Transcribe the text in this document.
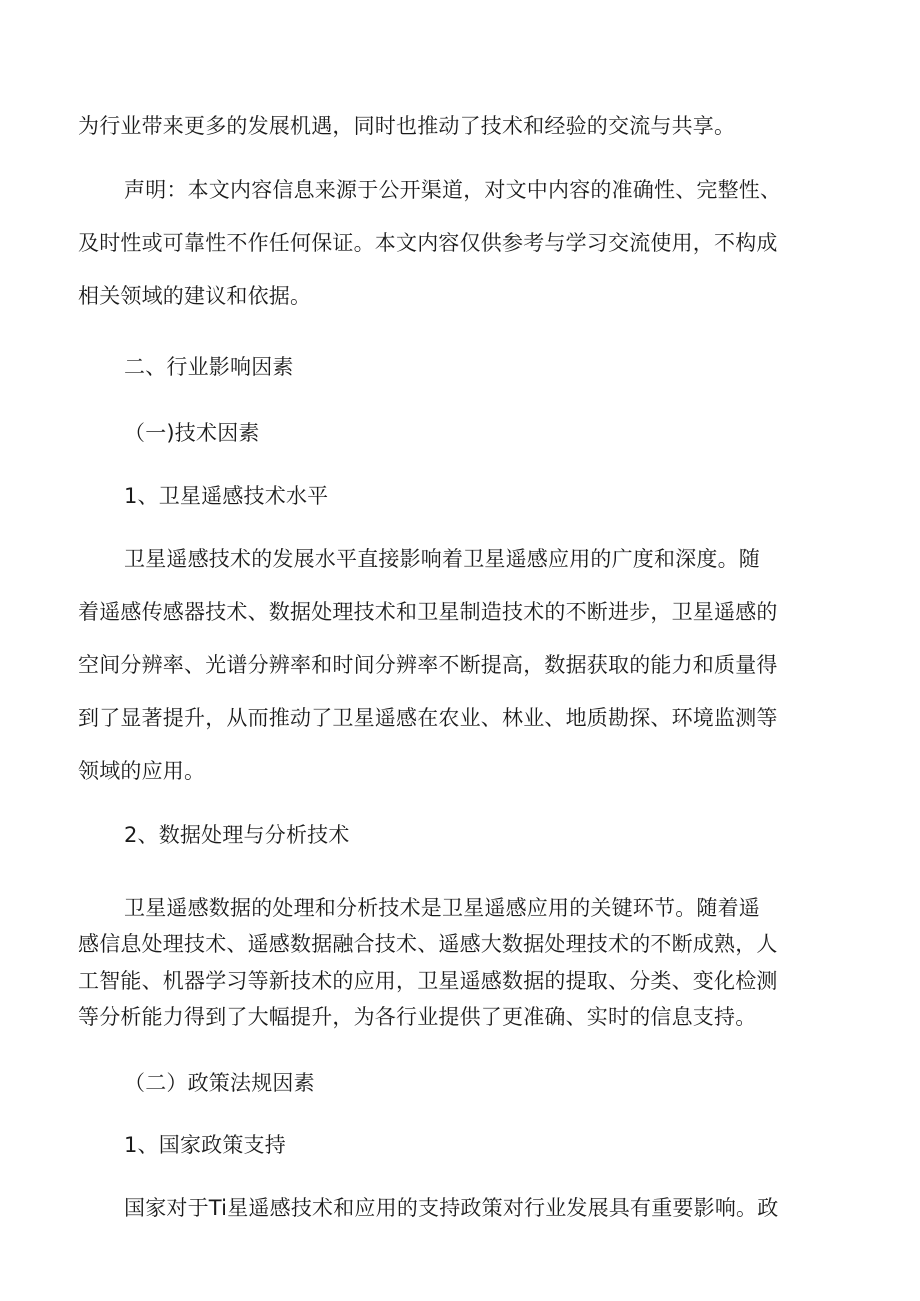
为行业带来更多的发展机遇，同时也推动了技术和经验的交流与共享。
声明：本文内容信息来源于公开渠道，对文中内容的准确性、完整性、
及时性或可靠性不作任何保证。本文内容仅供参考与学习交流使用，不构成
相关领域的建议和依据。
二、行业影响因素
（一)技术因素
1、卫星遥感技术水平
卫星遥感技术的发展水平直接影响着卫星遥感应用的广度和深度。随
着遥感传感器技术、数据处理技术和卫星制造技术的不断进步，卫星遥感的
空间分辨率、光谱分辨率和时间分辨率不断提高，数据获取的能力和质量得
到了显著提升，从而推动了卫星遥感在农业、林业、地质勘探、环境监测等
领域的应用。
2、数据处理与分析技术
卫星遥感数据的处理和分析技术是卫星遥感应用的关键环节。随着遥
感信息处理技术、遥感数据融合技术、遥感大数据处理技术的不断成熟，人
工智能、机器学习等新技术的应用，卫星遥感数据的提取、分类、变化检测
等分析能力得到了大幅提升，为各行业提供了更准确、实时的信息支持。
（二）政策法规因素
1、国家政策支持
国家对于Ti星遥感技术和应用的支持政策对行业发展具有重要影响。政
